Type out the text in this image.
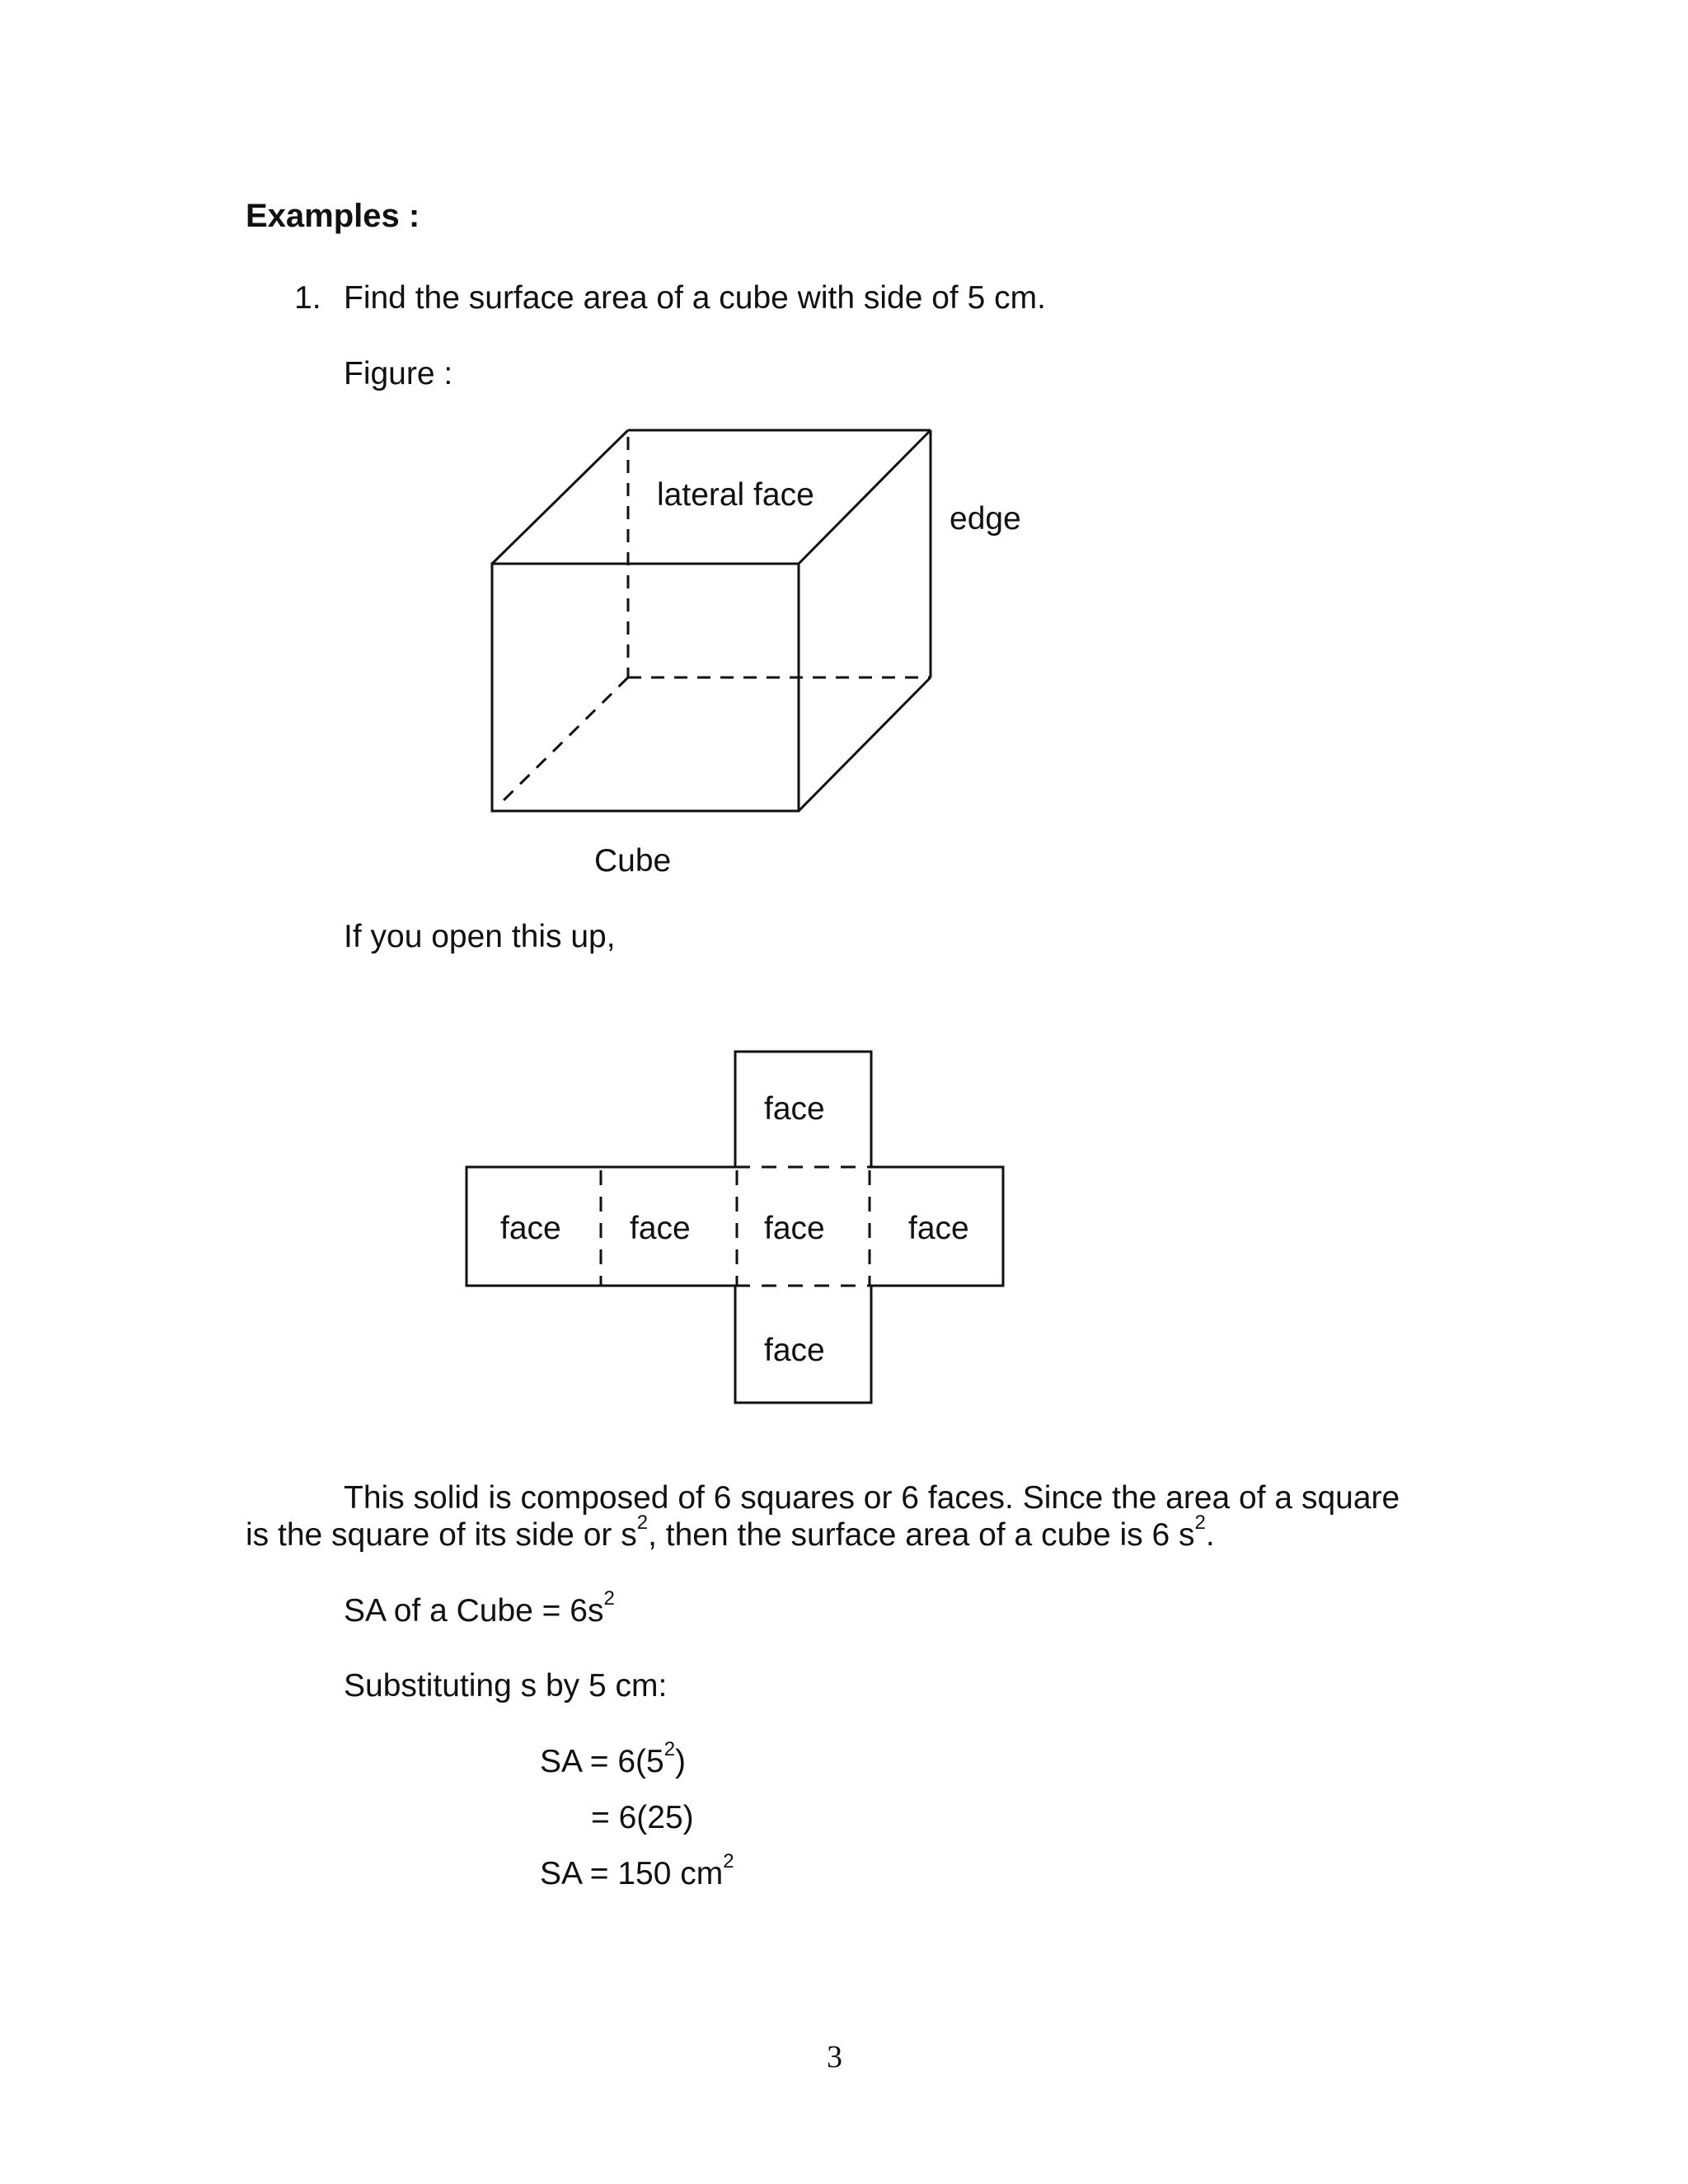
Examples :
1. Find the surface area of a cube with side of 5 cm.
Figure :
lateral face
edge
Cube
If you open this up,
face
face face face	face
face
This solid is composed of 6 squares or 6 faces. Since the area of a square
is the square of its side or $s^2$, then the surface area of a cube is 6 $s^2$.
SA of a Cube = $6s^2$
Substituting s by 5 cm:
SA = $6(5^2)$
= 6(25)
SA = 150 $cm^2$
3
